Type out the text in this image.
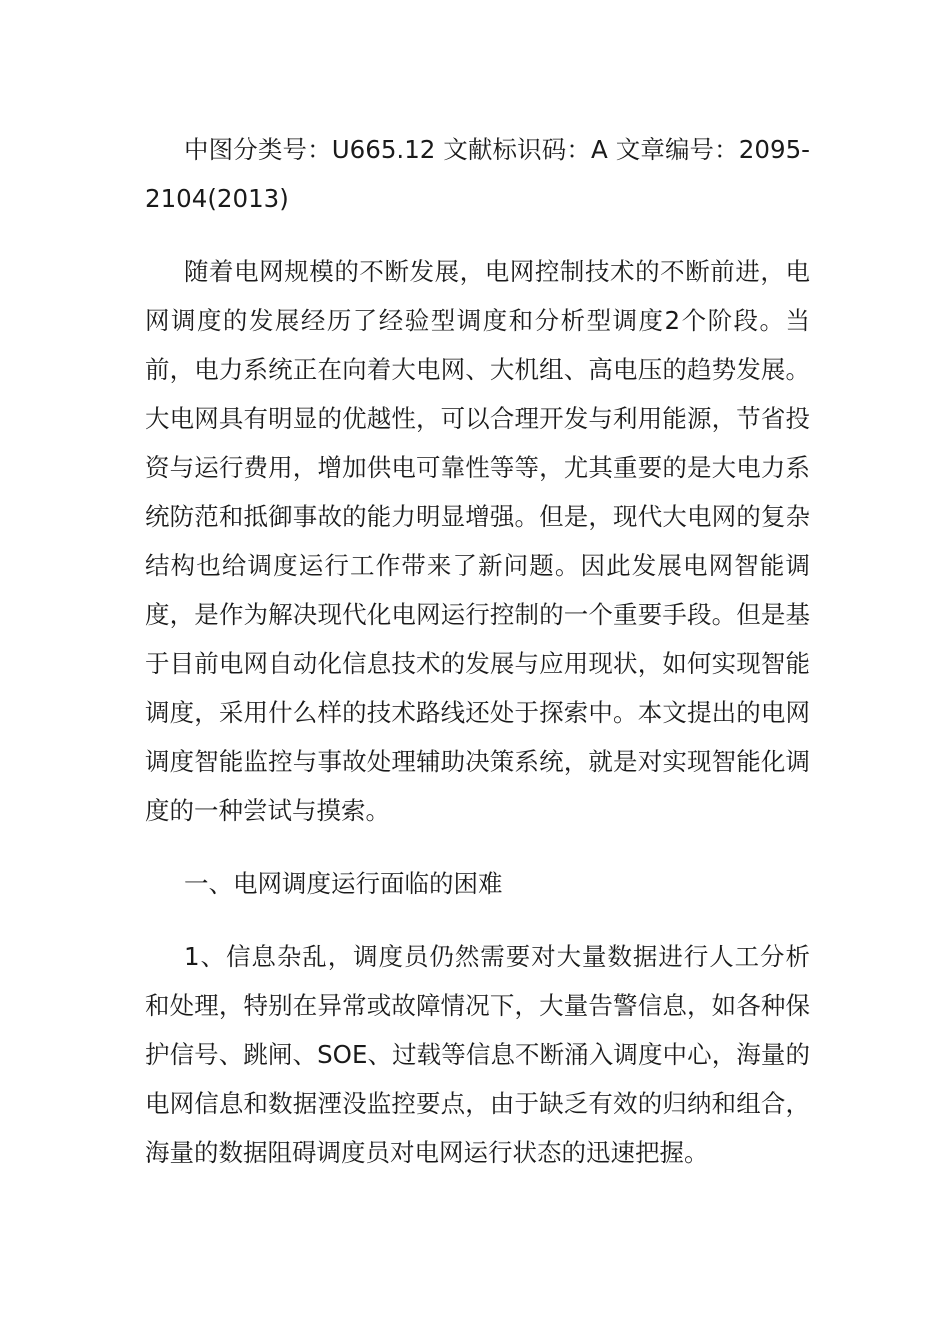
中图分类号：U665.12 文献标识码：A 文章编号：2095-2104(2013)

随着电网规模的不断发展，电网控制技术的不断前进，电网调度的发展经历了经验型调度和分析型调度2个阶段。当前，电力系统正在向着大电网、大机组、高电压的趋势发展。大电网具有明显的优越性，可以合理开发与利用能源，节省投资与运行费用，增加供电可靠性等等，尤其重要的是大电力系统防范和抵御事故的能力明显增强。但是，现代大电网的复杂结构也给调度运行工作带来了新问题。因此发展电网智能调度，是作为解决现代化电网运行控制的一个重要手段。但是基于目前电网自动化信息技术的发展与应用现状，如何实现智能调度，采用什么样的技术路线还处于探索中。本文提出的电网调度智能监控与事故处理辅助决策系统，就是对实现智能化调度的一种尝试与摸索。

一、电网调度运行面临的困难

1、信息杂乱，调度员仍然需要对大量数据进行人工分析和处理，特别在异常或故障情况下，大量告警信息，如各种保护信号、跳闸、SOE、过载等信息不断涌入调度中心，海量的电网信息和数据湮没监控要点，由于缺乏有效的归纳和组合，海量的数据阻碍调度员对电网运行状态的迅速把握。
